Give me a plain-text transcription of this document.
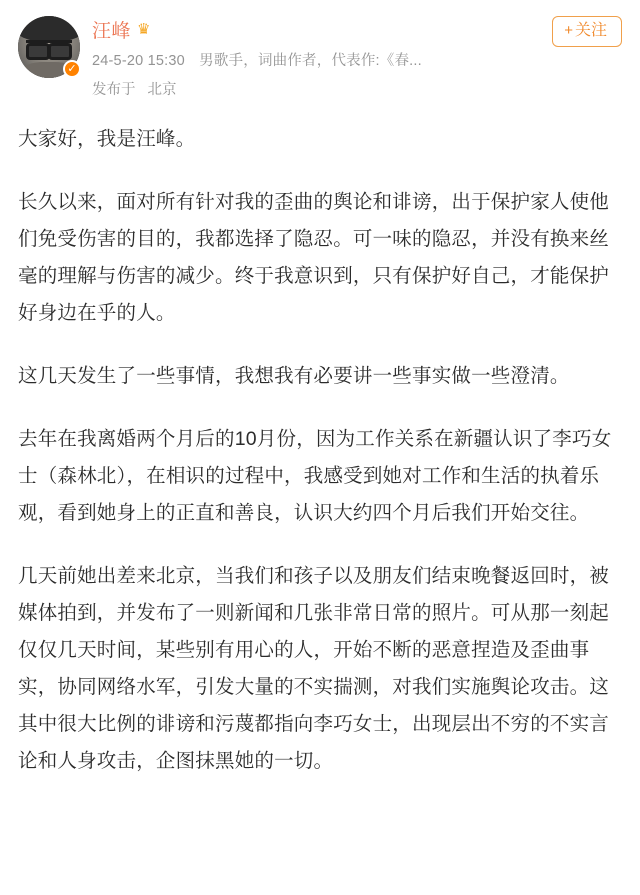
✓
汪峰 ♛
24-5-20 15:30 男歌手，词曲作者，代表作:《春...
发布于 北京
+ 关注

大家好，我是汪峰。

长久以来，面对所有针对我的歪曲的舆论和诽谤，出于保护家人使他们免受伤害的目的，我都选择了隐忍。可一味的隐忍，并没有换来丝毫的理解与伤害的减少。终于我意识到，只有保护好自己，才能保护好身边在乎的人。

这几天发生了一些事情，我想我有必要讲一些事实做一些澄清。

去年在我离婚两个月后的10月份，因为工作关系在新疆认识了李巧女士（森林北），在相识的过程中，我感受到她对工作和生活的执着乐观，看到她身上的正直和善良，认识大约四个月后我们开始交往。

几天前她出差来北京，当我们和孩子以及朋友们结束晚餐返回时，被媒体拍到，并发布了一则新闻和几张非常日常的照片。可从那一刻起仅仅几天时间，某些别有用心的人，开始不断的恶意捏造及歪曲事实，协同网络水军，引发大量的不实揣测，对我们实施舆论攻击。这其中很大比例的诽谤和污蔑都指向李巧女士，出现层出不穷的不实言论和人身攻击，企图抹黑她的一切。
